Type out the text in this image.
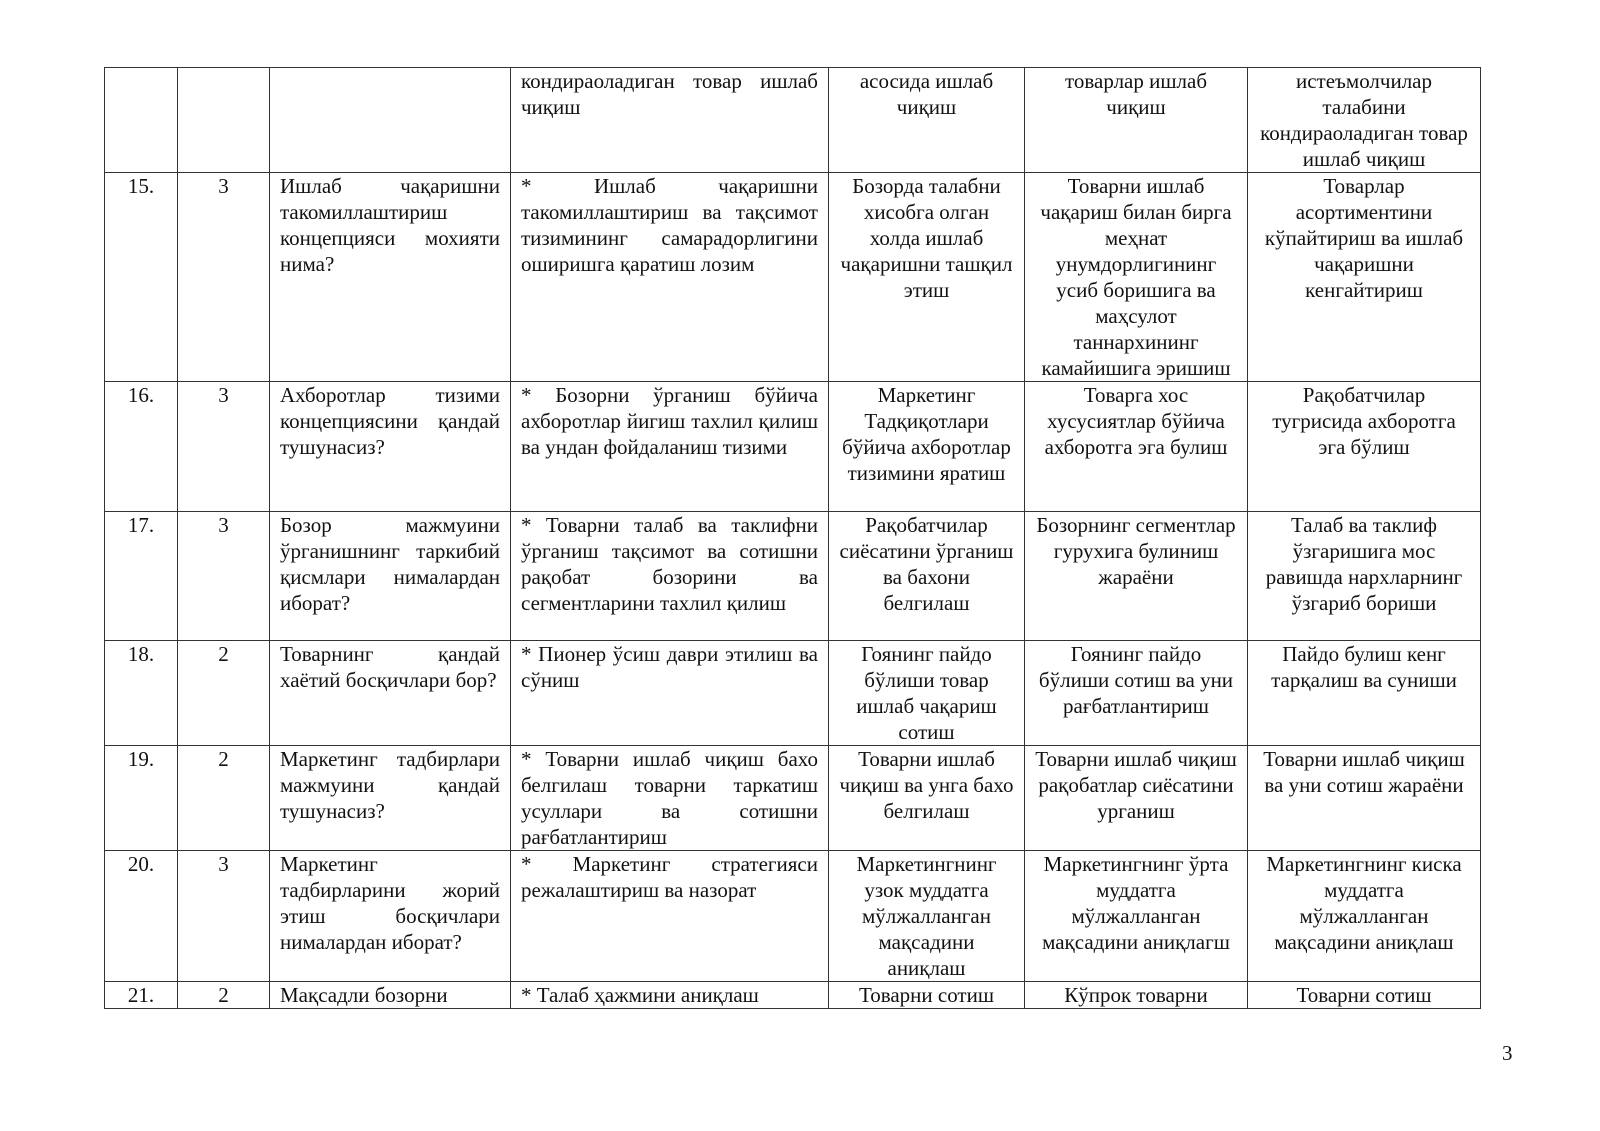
			кондираоладиган товар ишлаб чиқиш	асосида ишлаб чиқиш	товарлар ишлаб чиқиш	истеъмолчилар талабини кондираоладиган товар ишлаб чиқиш
15.	3	Ишлаб чақаришни такомиллаштириш концепцияси мохияти нима?	* Ишлаб чақаришни такомиллаштириш ва тақсимот тизимининг самарадорлигини оширишга қаратиш лозим	Бозорда талабни хисобга олган холда ишлаб чақаришни ташқил этиш	Товарни ишлаб чақариш билан бирга меҳнат унумдорлигининг усиб боришига ва маҳсулот таннархининг камайишига эришиш	Товарлар асортиментини кўпайтириш ва ишлаб чақаришни кенгайтириш
16.	3	Ахборотлар тизими концепциясини қандай тушунасиз?	* Бозорни ўрганиш бўйича ахборотлар йигиш тахлил қилиш ва ундан фойдаланиш тизими	Маркетинг Тадқиқотлари бўйича ахборотлар тизимини яратиш	Товарга хос хусусиятлар бўйича ахборотга эга булиш	Рақобатчилар тугрисида ахборотга эга бўлиш
17.	3	Бозор мажмуини ўрганишнинг таркибий қисмлари нималардан иборат?	* Товарни талаб ва таклифни ўрганиш тақсимот ва сотишни рақобат бозорини ва сегментларини тахлил қилиш	Рақобатчилар сиёсатини ўрганиш ва бахони белгилаш	Бозорнинг сегментлар гурухига булиниш жараёни	Талаб ва таклиф ўзгаришига мос равишда нархларнинг ўзгариб бориши
18.	2	Товарнинг қандай хаётий босқичлари бор?	* Пионер ўсиш даври этилиш ва сўниш	Гоянинг пайдо бўлиши товар ишлаб чақариш сотиш	Гоянинг пайдо бўлиши сотиш ва уни рағбатлантириш	Пайдо булиш кенг тарқалиш ва суниши
19.	2	Маркетинг тадбирлари мажмуини қандай тушунасиз?	* Товарни ишлаб чиқиш бахо белгилаш товарни таркатиш усуллари ва сотишни рағбатлантириш	Товарни ишлаб чиқиш ва унга бахо белгилаш	Товарни ишлаб чиқиш рақобатлар сиёсатини урганиш	Товарни ишлаб чиқиш ва уни сотиш жараёни
20.	3	Маркетинг тадбирларини жорий этиш босқичлари нималардан иборат?	* Маркетинг стратегияси режалаштириш ва назорат	Маркетингнинг узок муддатга мўлжалланган мақсадини аниқлаш	Маркетингнинг ўрта муддатга мўлжалланган мақсадини аниқлагш	Маркетингнинг киска муддатга мўлжалланган мақсадини аниқлаш
21.	2	Мақсадли бозорни	* Талаб ҳажмини аниқлаш	Товарни сотиш	Кўпрок товарни	Товарни сотиш
3
